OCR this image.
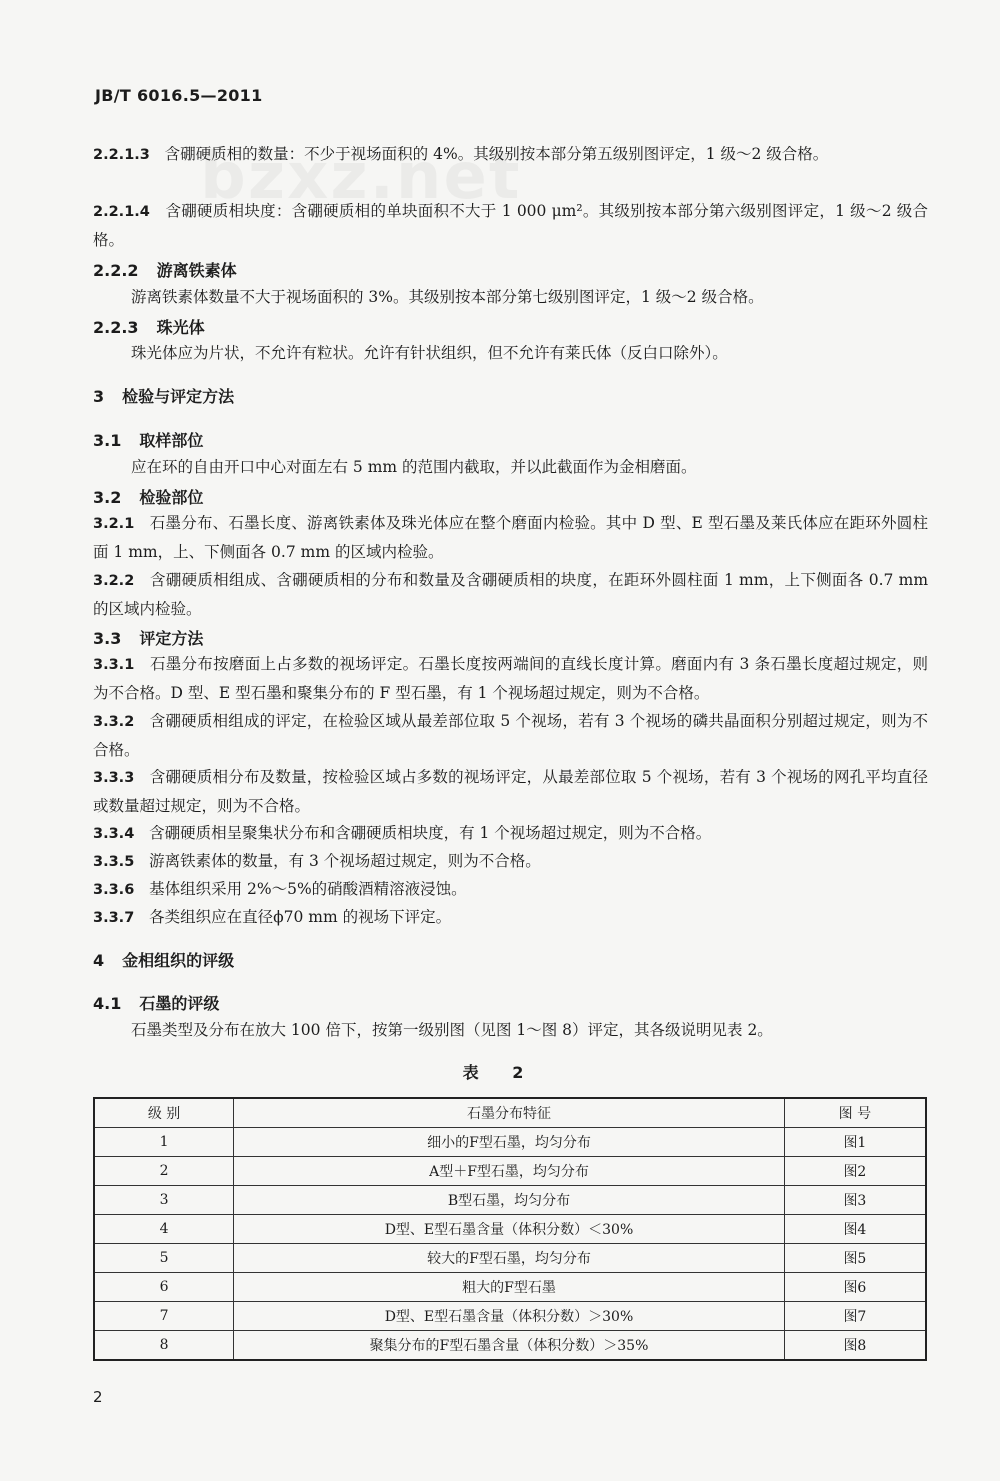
JB/T 6016.5—2011
2.2.1.3 含硼硬质相的数量：不少于视场面积的 4%。其级别按本部分第五级别图评定，1 级～2 级合格。
2.2.1.4 含硼硬质相块度：含硼硬质相的单块面积不大于 1 000 μm²。其级别按本部分第六级别图评定，1 级～2 级合格。
2.2.2 游离铁素体
游离铁素体数量不大于视场面积的 3%。其级别按本部分第七级别图评定，1 级～2 级合格。
2.2.3 珠光体
珠光体应为片状，不允许有粒状。允许有针状组织，但不允许有莱氏体（反白口除外）。
3 检验与评定方法
3.1 取样部位
应在环的自由开口中心对面左右 5 mm 的范围内截取，并以此截面作为金相磨面。
3.2 检验部位
3.2.1 石墨分布、石墨长度、游离铁素体及珠光体应在整个磨面内检验。其中 D 型、E 型石墨及莱氏体应在距环外圆柱面 1 mm，上、下侧面各 0.7 mm 的区域内检验。
3.2.2 含硼硬质相组成、含硼硬质相的分布和数量及含硼硬质相的块度，在距环外圆柱面 1 mm，上下侧面各 0.7 mm 的区域内检验。
3.3 评定方法
3.3.1 石墨分布按磨面上占多数的视场评定。石墨长度按两端间的直线长度计算。磨面内有 3 条石墨长度超过规定，则为不合格。D 型、E 型石墨和聚集分布的 F 型石墨，有 1 个视场超过规定，则为不合格。
3.3.2 含硼硬质相组成的评定，在检验区域从最差部位取 5 个视场，若有 3 个视场的磷共晶面积分别超过规定，则为不合格。
3.3.3 含硼硬质相分布及数量，按检验区域占多数的视场评定，从最差部位取 5 个视场，若有 3 个视场的网孔平均直径或数量超过规定，则为不合格。
3.3.4 含硼硬质相呈聚集状分布和含硼硬质相块度，有 1 个视场超过规定，则为不合格。
3.3.5 游离铁素体的数量，有 3 个视场超过规定，则为不合格。
3.3.6 基体组织采用 2%～5%的硝酸酒精溶液浸蚀。
3.3.7 各类组织应在直径ϕ70 mm 的视场下评定。
4 金相组织的评级
4.1 石墨的评级
石墨类型及分布在放大 100 倍下，按第一级别图（见图 1～图 8）评定，其各级说明见表 2。
表 2
级 别	石墨分布特征	图 号
1	细小的F型石墨，均匀分布	图1
2	A型＋F型石墨，均匀分布	图2
3	B型石墨，均匀分布	图3
4	D型、E型石墨含量（体积分数）＜30%	图4
5	较大的F型石墨，均匀分布	图5
6	粗大的F型石墨	图6
7	D型、E型石墨含量（体积分数）＞30%	图7
8	聚集分布的F型石墨含量（体积分数）＞35%	图8
2
